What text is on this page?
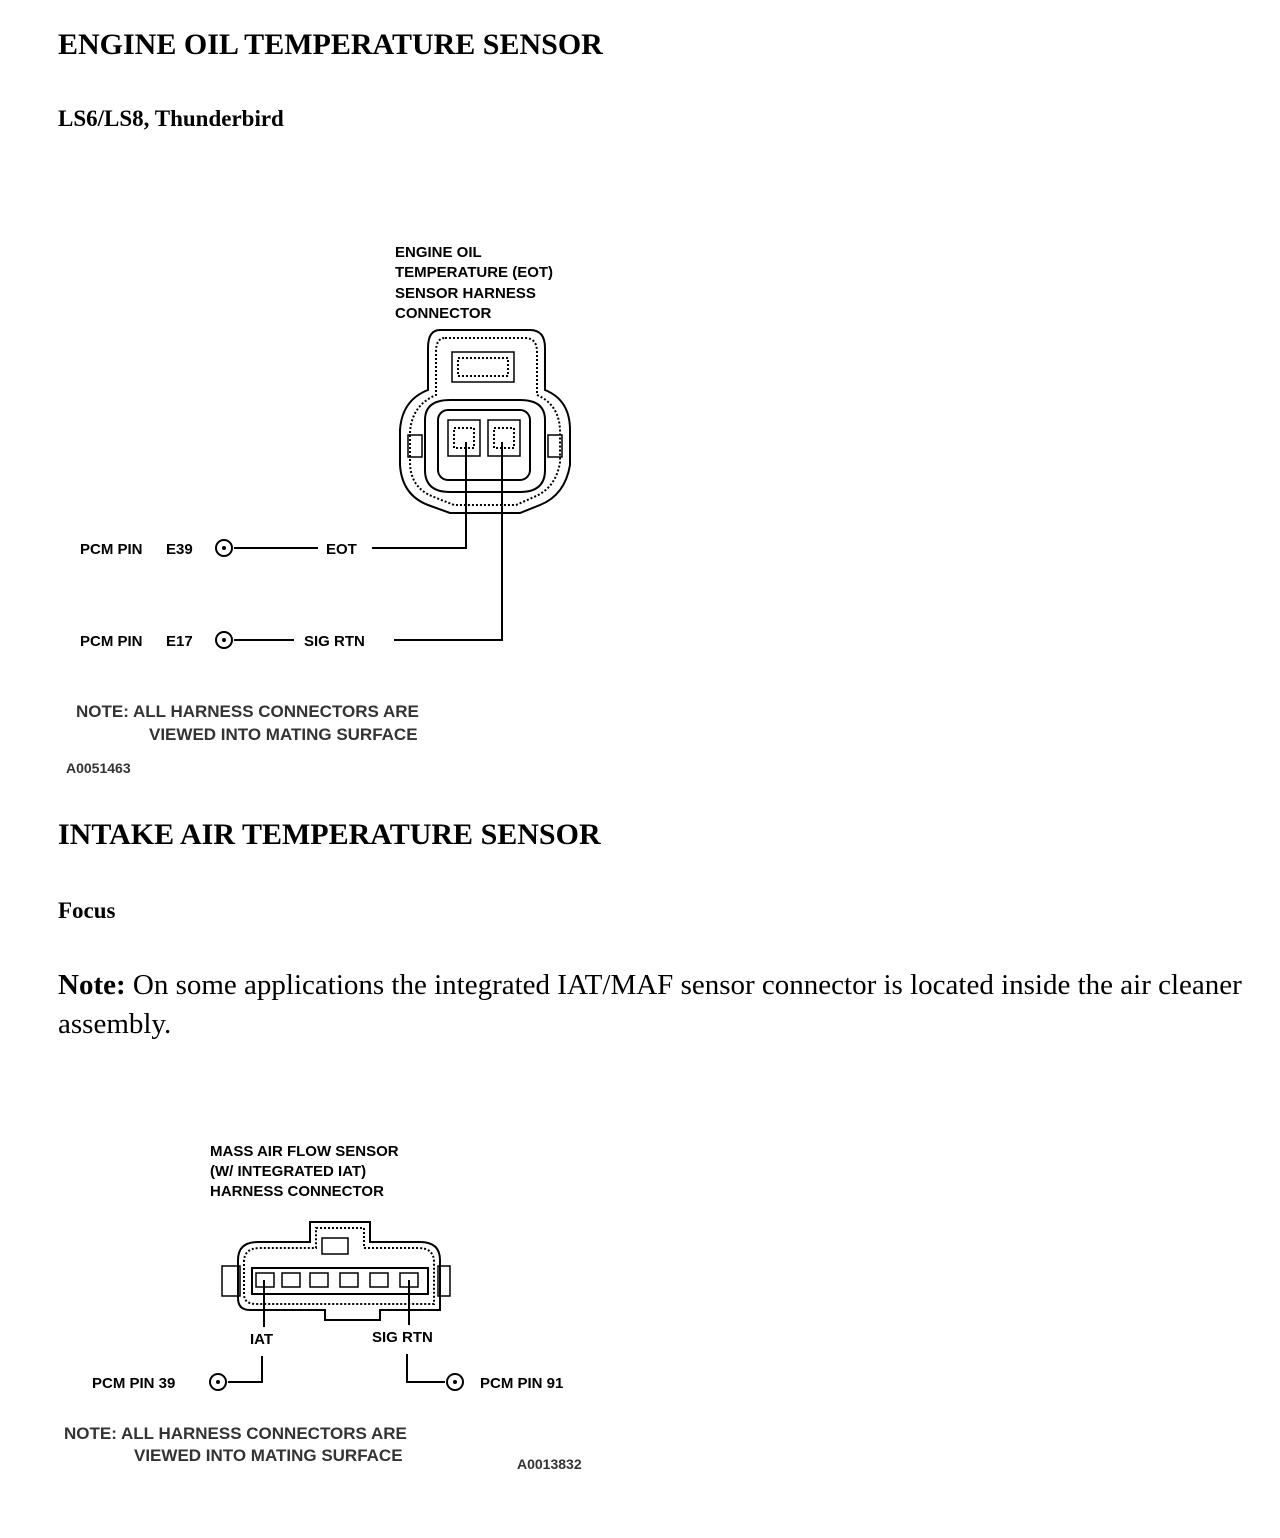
ENGINE OIL TEMPERATURE SENSOR
LS6/LS8, Thunderbird
ENGINE OIL
TEMPERATURE (EOT)
SENSOR HARNESS
CONNECTOR
PCM PIN E39	EOT
PCM PIN E17	SIG RTN
NOTE: ALL HARNESS CONNECTORS ARE
VIEWED INTO MATING SURFACE
A0051463
INTAKE AIR TEMPERATURE SENSOR
Focus

Note: On some applications the integrated IAT/MAF sensor connector is located inside the air cleaner assembly.

MASS AIR FLOW SENSOR
(W/ INTEGRATED IAT)
HARNESS CONNECTOR
IAT
PCM PIN 39
SIG RTN
PCM PIN 91
NOTE: ALL HARNESS CONNECTORS ARE
VIEWED INTO MATING SURFACE	A0013832
